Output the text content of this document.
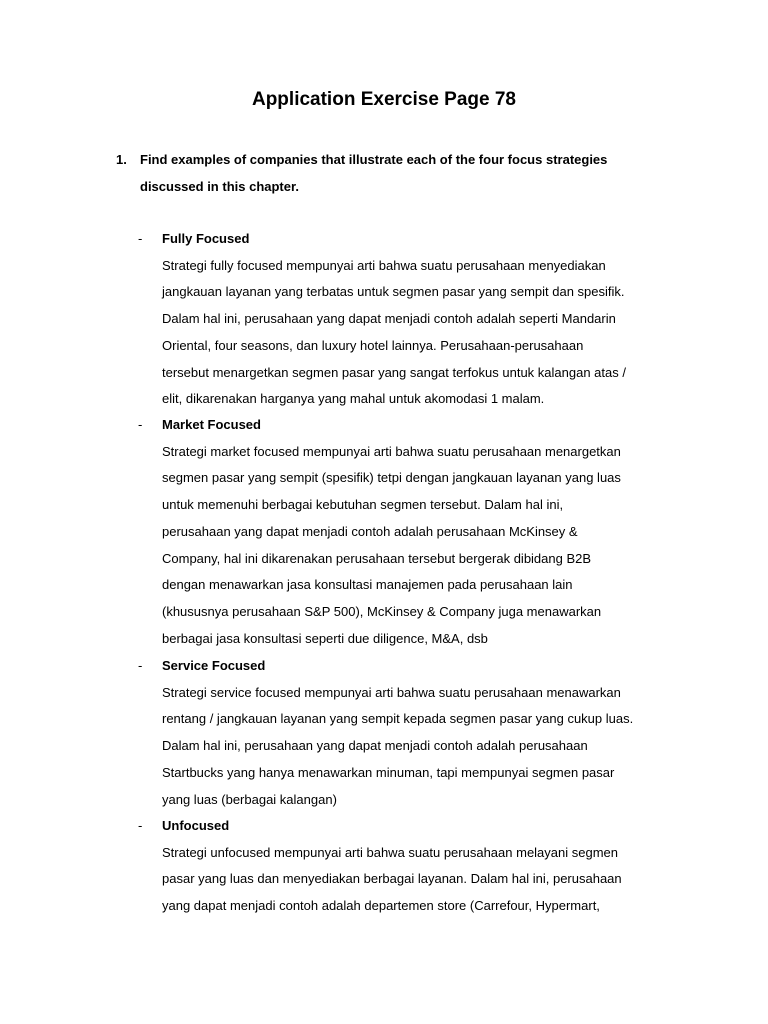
Application Exercise Page 78
1. Find examples of companies that illustrate each of the four focus strategies
discussed in this chapter.
- Fully Focused
Strategi fully focused mempunyai arti bahwa suatu perusahaan menyediakan
jangkauan layanan yang terbatas untuk segmen pasar yang sempit dan spesifik.
Dalam hal ini, perusahaan yang dapat menjadi contoh adalah seperti Mandarin
Oriental, four seasons, dan luxury hotel lainnya. Perusahaan-perusahaan
tersebut menargetkan segmen pasar yang sangat terfokus untuk kalangan atas /
elit, dikarenakan harganya yang mahal untuk akomodasi 1 malam.
- Market Focused
Strategi market focused mempunyai arti bahwa suatu perusahaan menargetkan
segmen pasar yang sempit (spesifik) tetpi dengan jangkauan layanan yang luas
untuk memenuhi berbagai kebutuhan segmen tersebut. Dalam hal ini,
perusahaan yang dapat menjadi contoh adalah perusahaan McKinsey &
Company, hal ini dikarenakan perusahaan tersebut bergerak dibidang B2B
dengan menawarkan jasa konsultasi manajemen pada perusahaan lain
(khususnya perusahaan S&P 500), McKinsey & Company juga menawarkan
berbagai jasa konsultasi seperti due diligence, M&A, dsb
- Service Focused
Strategi service focused mempunyai arti bahwa suatu perusahaan menawarkan
rentang / jangkauan layanan yang sempit kepada segmen pasar yang cukup luas.
Dalam hal ini, perusahaan yang dapat menjadi contoh adalah perusahaan
Startbucks yang hanya menawarkan minuman, tapi mempunyai segmen pasar
yang luas (berbagai kalangan)
- Unfocused
Strategi unfocused mempunyai arti bahwa suatu perusahaan melayani segmen
pasar yang luas dan menyediakan berbagai layanan. Dalam hal ini, perusahaan
yang dapat menjadi contoh adalah departemen store (Carrefour, Hypermart,
